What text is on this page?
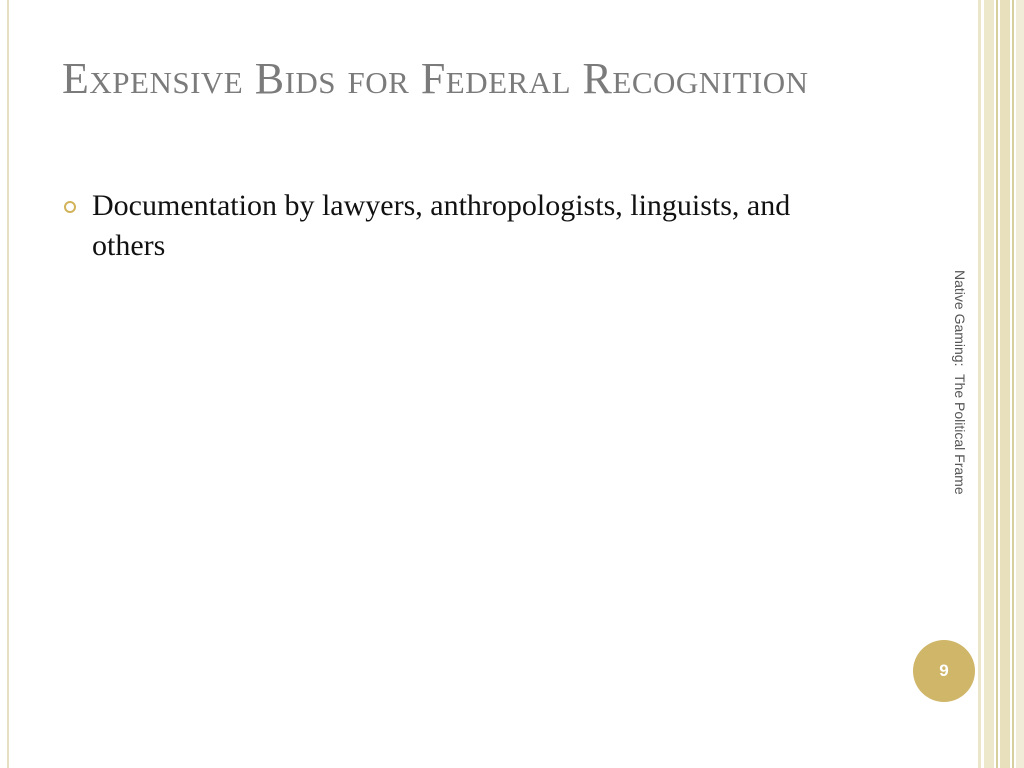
Expensive Bids for Federal Recognition

Documentation by lawyers, anthropologists, linguists, and others

Native Gaming:  The Political Frame
9
